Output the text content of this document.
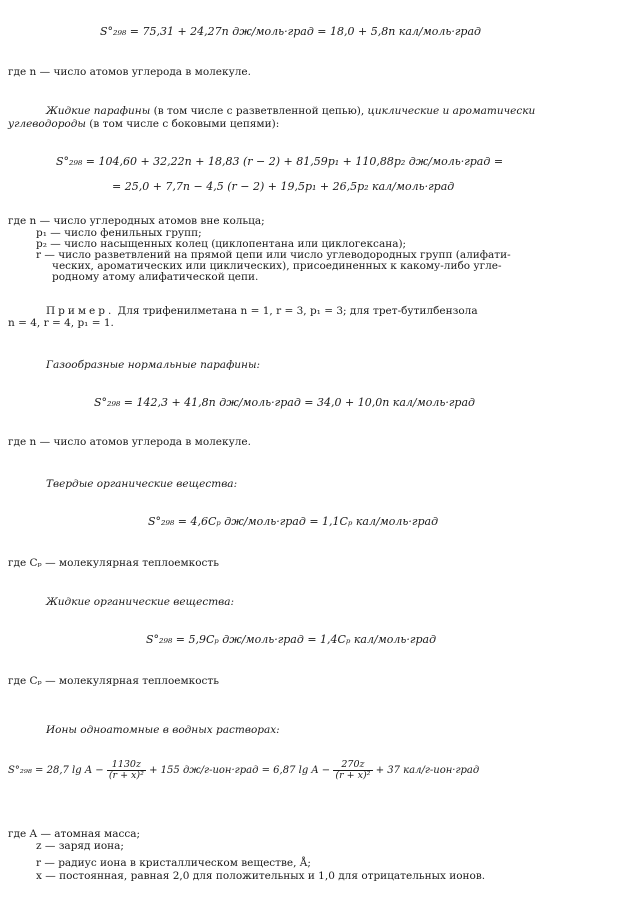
S°₂₉₈ = 75,31 + 24,27n дж/моль·град = 18,0 + 5,8n кал/моль·град
где n — число атомов углерода в молекуле.
Жидкие парафины (в том числе с разветвленной цепью), циклические и ароматически
углеводороды (в том числе с боковыми цепями):
S°₂₉₈ = 104,60 + 32,22n + 18,83 (r − 2) + 81,59p₁ + 110,88p₂ дж/моль·град =
= 25,0 + 7,7n − 4,5 (r − 2) + 19,5p₁ + 26,5p₂ кал/моль·град
где n — число углеродных атомов вне кольца;
p₁ — число фенильных групп;
p₂ — число насыщенных колец (циклопентана или циклогексана);
r — число разветвлений на прямой цепи или число углеводородных групп (алифати-
ческих, ароматических или циклических), присоединенных к какому-либо угле-
родному атому алифатической цепи.
Пример. Для трифенилметана n = 1, r = 3, p₁ = 3; для трет-бутилбензола
n = 4, r = 4, p₁ = 1.
Газообразные нормальные парафины:
S°₂₉₈ = 142,3 + 41,8n дж/моль·град = 34,0 + 10,0n кал/моль·град
где n — число атомов углерода в молекуле.
Твердые органические вещества:
S°₂₉₈ = 4,6Cₚ дж/моль·град = 1,1Cₚ кал/моль·град
где Cₚ — молекулярная теплоемкость
Жидкие органические вещества:
S°₂₉₈ = 5,9Cₚ дж/моль·град = 1,4Cₚ кал/моль·град
где Cₚ — молекулярная теплоемкость
Ионы одноатомные в водных растворах:
S°₂₉₈ = 28,7 $\lg A - \frac{1130z}{\text{(r + x)²}} + 155$ дж/г-ион·град = 6,87 $\lg A - \frac{270z}{\text{(r + x)²}} + 37$ кал/г-ион·град
где A — атомная масса;
z — заряд иона;
r — радиус иона в кристаллическом веществе, Å;
x — постоянная, равная 2,0 для положительных и 1,0 для отрицательных ионов.
